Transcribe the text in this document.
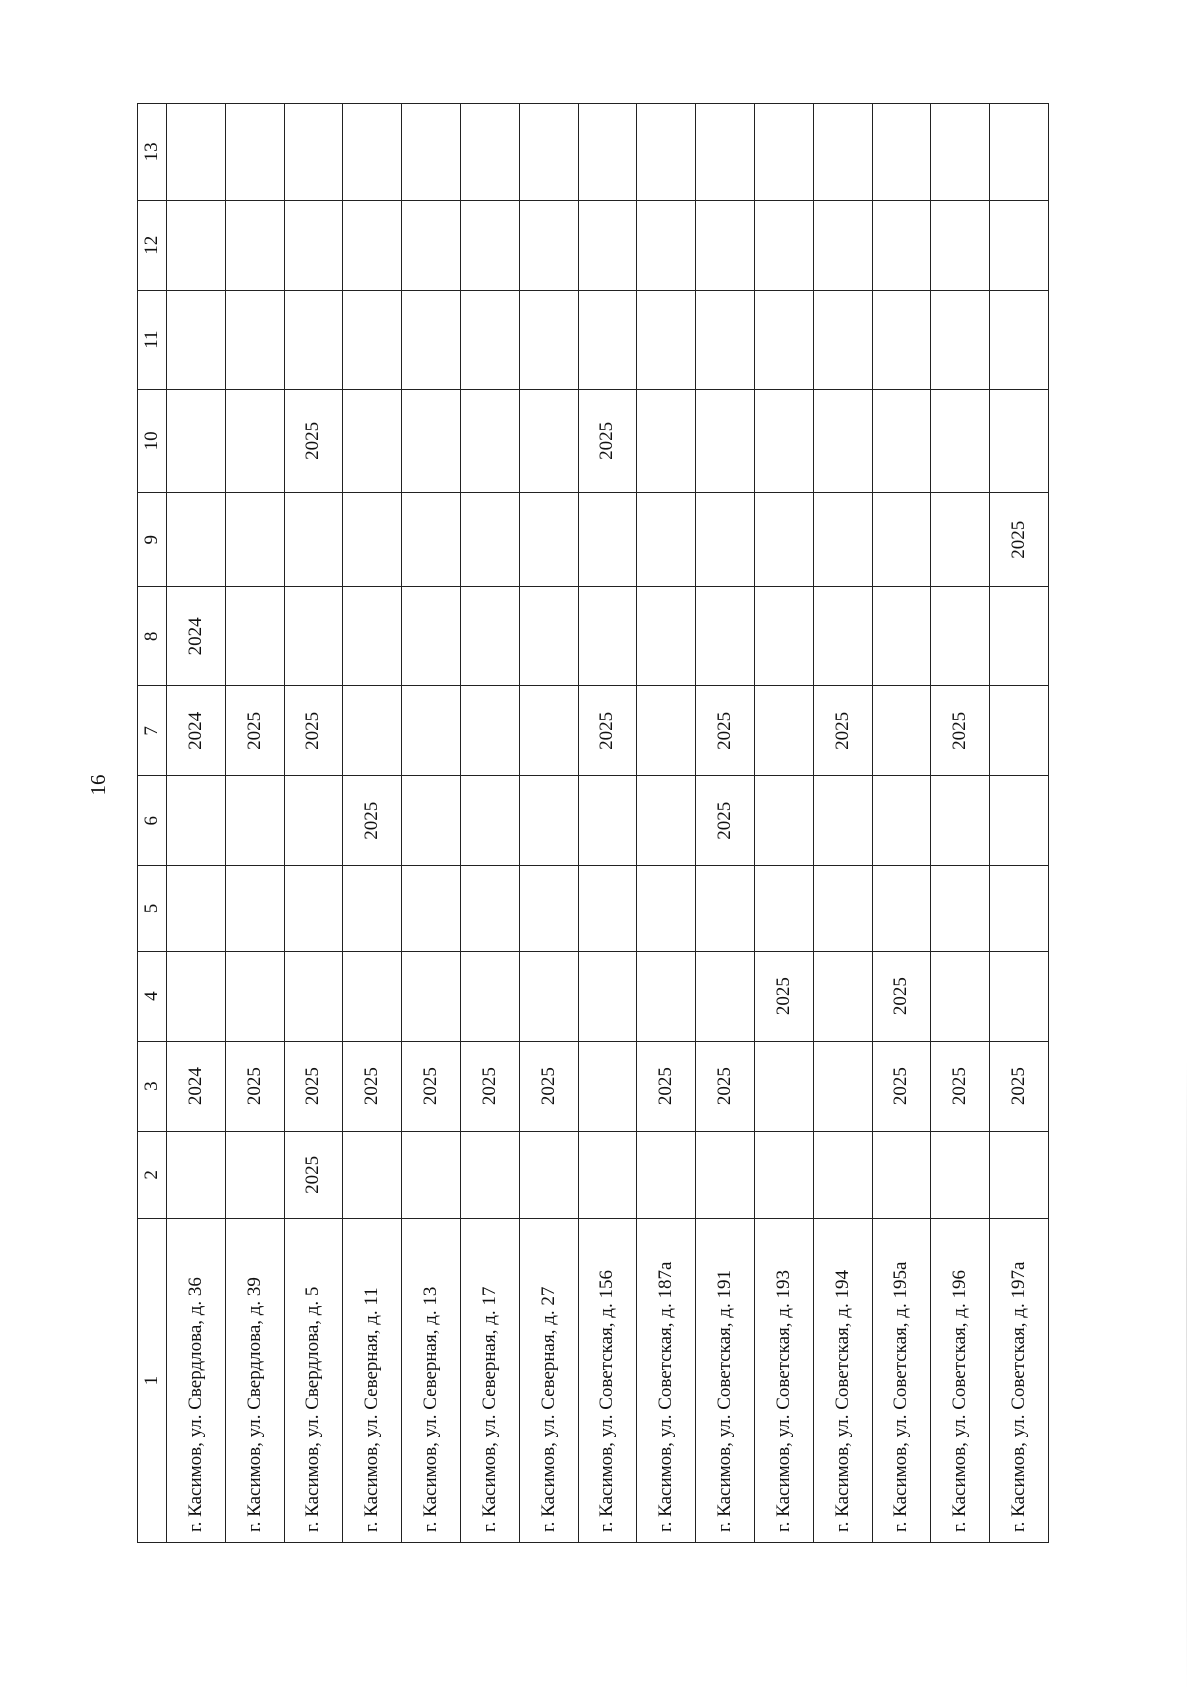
16
1	2	3	4	5	6	7	8	9	10	11	12	13
г. Касимов, ул. Свердлова, д. 36		2024				2024	2024					
г. Касимов, ул. Свердлова, д. 39		2025				2025						
г. Касимов, ул. Свердлова, д. 5	2025	2025				2025			2025			
г. Касимов, ул. Северная, д. 11		2025			2025							
г. Касимов, ул. Северная, д. 13		2025										
г. Касимов, ул. Северная, д. 17		2025										
г. Касимов, ул. Северная, д. 27		2025										
г. Касимов, ул. Советская, д. 156						2025			2025			
г. Касимов, ул. Советская, д. 187а		2025										
г. Касимов, ул. Советская, д. 191		2025			2025	2025						
г. Касимов, ул. Советская, д. 193			2025									
г. Касимов, ул. Советская, д. 194						2025						
г. Касимов, ул. Советская, д. 195а		2025	2025									
г. Касимов, ул. Советская, д. 196		2025				2025						
г. Касимов, ул. Советская, д. 197а		2025						2025				
